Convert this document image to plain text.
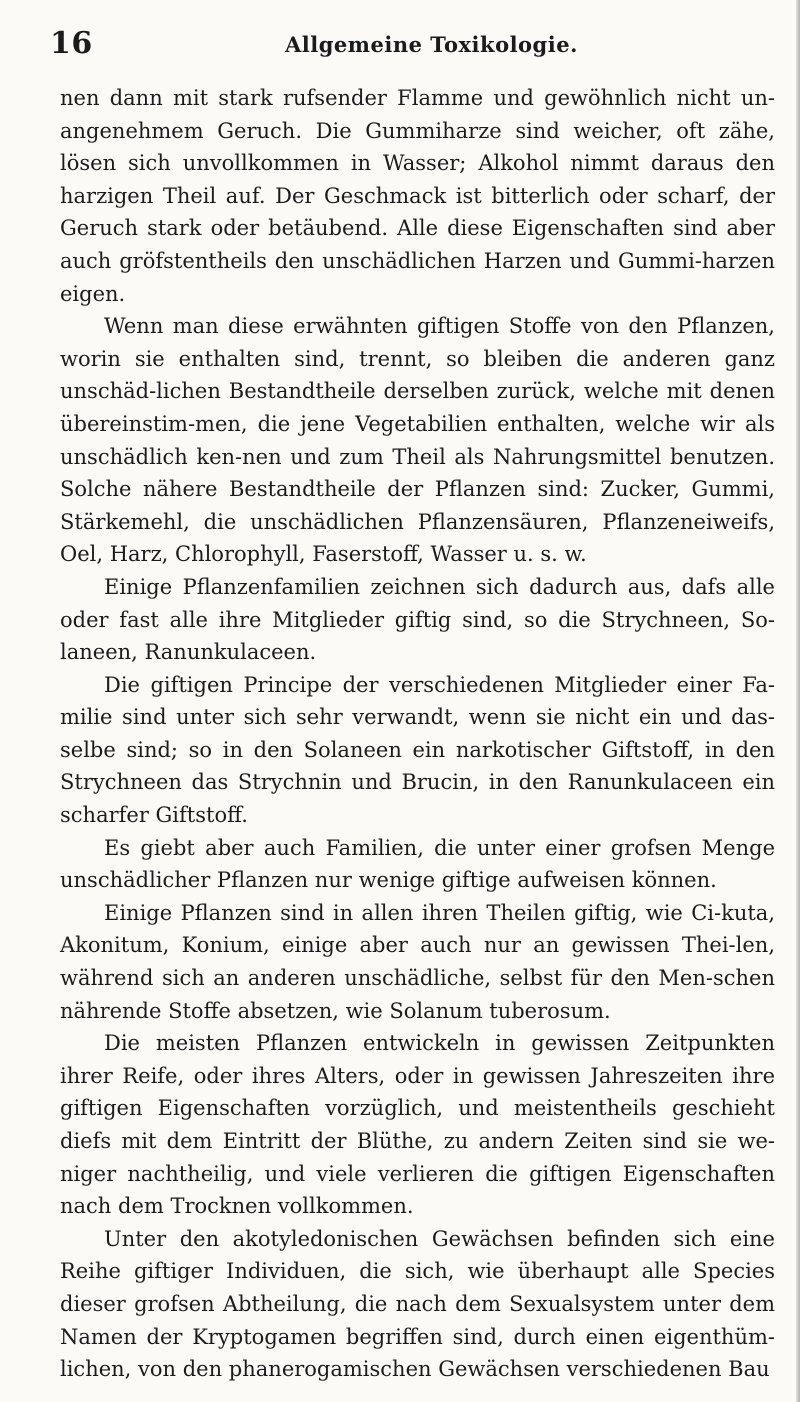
16	Allgemeine Toxikologie.

nen dann mit stark rufsender Flamme und gewöhnlich nicht un-angenehmem Geruch. Die Gummiharze sind weicher, oft zähe, lösen sich unvollkommen in Wasser; Alkohol nimmt daraus den harzigen Theil auf. Der Geschmack ist bitterlich oder scharf, der Geruch stark oder betäubend. Alle diese Eigenschaften sind aber auch gröfstentheils den unschädlichen Harzen und Gummi-harzen eigen.

Wenn man diese erwähnten giftigen Stoffe von den Pflanzen, worin sie enthalten sind, trennt, so bleiben die anderen ganz unschäd-lichen Bestandtheile derselben zurück, welche mit denen übereinstim-men, die jene Vegetabilien enthalten, welche wir als unschädlich ken-nen und zum Theil als Nahrungsmittel benutzen. Solche nähere Bestandtheile der Pflanzen sind: Zucker, Gummi, Stärkemehl, die unschädlichen Pflanzensäuren, Pflanzeneiweifs, Oel, Harz, Chlorophyll, Faserstoff, Wasser u. s. w.

Einige Pflanzenfamilien zeichnen sich dadurch aus, dafs alle oder fast alle ihre Mitglieder giftig sind, so die Strychneen, So-laneen, Ranunkulaceen.

Die giftigen Principe der verschiedenen Mitglieder einer Fa-milie sind unter sich sehr verwandt, wenn sie nicht ein und das-selbe sind; so in den Solaneen ein narkotischer Giftstoff, in den Strychneen das Strychnin und Brucin, in den Ranunkulaceen ein scharfer Giftstoff.

Es giebt aber auch Familien, die unter einer grofsen Menge unschädlicher Pflanzen nur wenige giftige aufweisen können.

Einige Pflanzen sind in allen ihren Theilen giftig, wie Ci-kuta, Akonitum, Konium, einige aber auch nur an gewissen Thei-len, während sich an anderen unschädliche, selbst für den Men-schen nährende Stoffe absetzen, wie Solanum tuberosum.

Die meisten Pflanzen entwickeln in gewissen Zeitpunkten ihrer Reife, oder ihres Alters, oder in gewissen Jahreszeiten ihre giftigen Eigenschaften vorzüglich, und meistentheils geschieht diefs mit dem Eintritt der Blüthe, zu andern Zeiten sind sie we-niger nachtheilig, und viele verlieren die giftigen Eigenschaften nach dem Trocknen vollkommen.

Unter den akotyledonischen Gewächsen befinden sich eine Reihe giftiger Individuen, die sich, wie überhaupt alle Species dieser grofsen Abtheilung, die nach dem Sexualsystem unter dem Namen der Kryptogamen begriffen sind, durch einen eigenthüm-lichen, von den phanerogamischen Gewächsen verschiedenen Bau
